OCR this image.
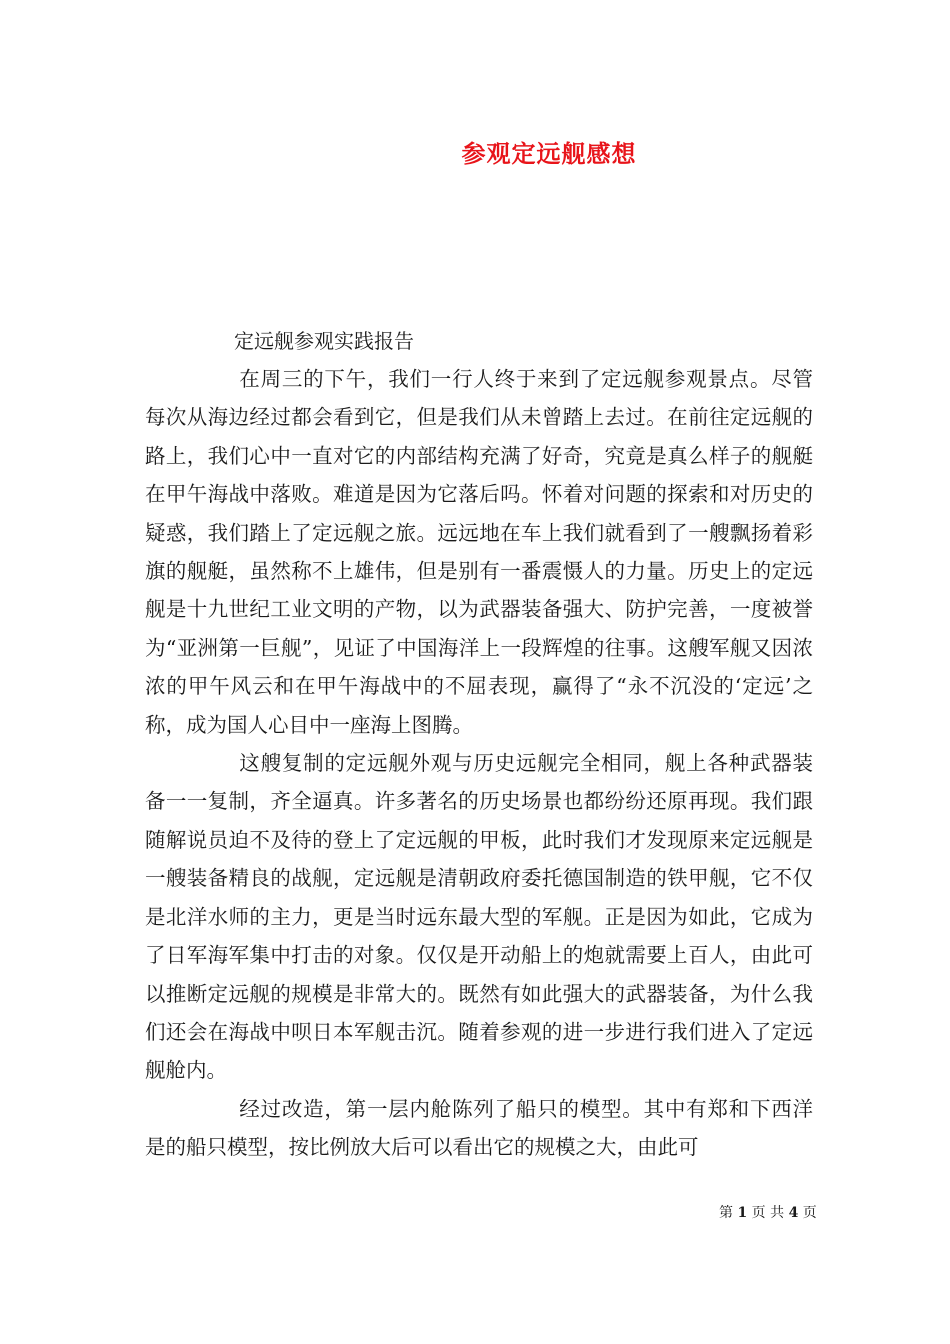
参观定远舰感想
定远舰参观实践报告

在周三的下午，我们一行人终于来到了定远舰参观景点。尽管每次从海边经过都会看到它，但是我们从未曾踏上去过。在前往定远舰的路上，我们心中一直对它的内部结构充满了好奇，究竟是真么样子的舰艇在甲午海战中落败。难道是因为它落后吗。怀着对问题的探索和对历史的疑惑，我们踏上了定远舰之旅。远远地在车上我们就看到了一艘飘扬着彩旗的舰艇，虽然称不上雄伟，但是别有一番震慑人的力量。历史上的定远舰是十九世纪工业文明的产物，以为武器装备强大、防护完善，一度被誉为“亚洲第一巨舰”，见证了中国海洋上一段辉煌的往事。这艘军舰又因浓浓的甲午风云和在甲午海战中的不屈表现，赢得了“永不沉没的‘定远’之称，成为国人心目中一座海上图腾。

这艘复制的定远舰外观与历史远舰完全相同，舰上各种武器装备一一复制，齐全逼真。许多著名的历史场景也都纷纷还原再现。我们跟随解说员迫不及待的登上了定远舰的甲板，此时我们才发现原来定远舰是一艘装备精良的战舰，定远舰是清朝政府委托德国制造的铁甲舰，它不仅是北洋水师的主力，更是当时远东最大型的军舰。正是因为如此，它成为了日军海军集中打击的对象。仅仅是开动船上的炮就需要上百人，由此可以推断定远舰的规模是非常大的。既然有如此强大的武器装备，为什么我们还会在海战中呗日本军舰击沉。随着参观的进一步进行我们进入了定远舰舱内。

经过改造，第一层内舱陈列了船只的模型。其中有郑和下西洋是的船只模型，按比例放大后可以看出它的规模之大，由此可

第 1 页 共 4 页
